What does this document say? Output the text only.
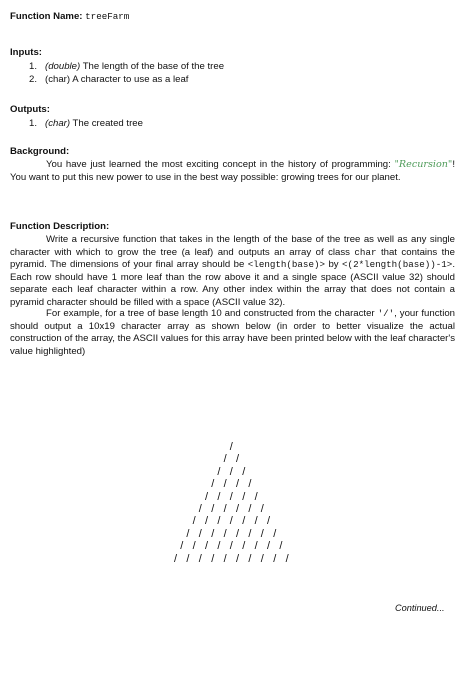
Function Name: treeFarm
Inputs:
1. (double) The length of the base of the tree
2. (char) A character to use as a leaf
Outputs:
1. (char) The created tree
Background:
You have just learned the most exciting concept in the history of programming: "Recursion"! You want to put this new power to use in the best way possible: growing trees for our planet.
Function Description:
Write a recursive function that takes in the length of the base of the tree as well as any single character with which to grow the tree (a leaf) and outputs an array of class char that contains the pyramid. The dimensions of your final array should be <length(base)> by <(2*length(base))-1>. Each row should have 1 more leaf than the row above it and a single space (ASCII value 32) should separate each leaf character within a row. Any other index within the array that does not contain a pyramid character should be filled with a space (ASCII value 32).
For example, for a tree of base length 10 and constructed from the character '/', your function should output a 10x19 character array as shown below (in order to better visualize the actual construction of the array, the ASCII values for this array have been printed below with the leaf character's value highlighted)
/
/ /
/ / /
/ / / /
/ / / / /
/ / / / / /
/ / / / / / /
/ / / / / / / /
/ / / / / / / / /
/ / / / / / / / / /
Continued...
